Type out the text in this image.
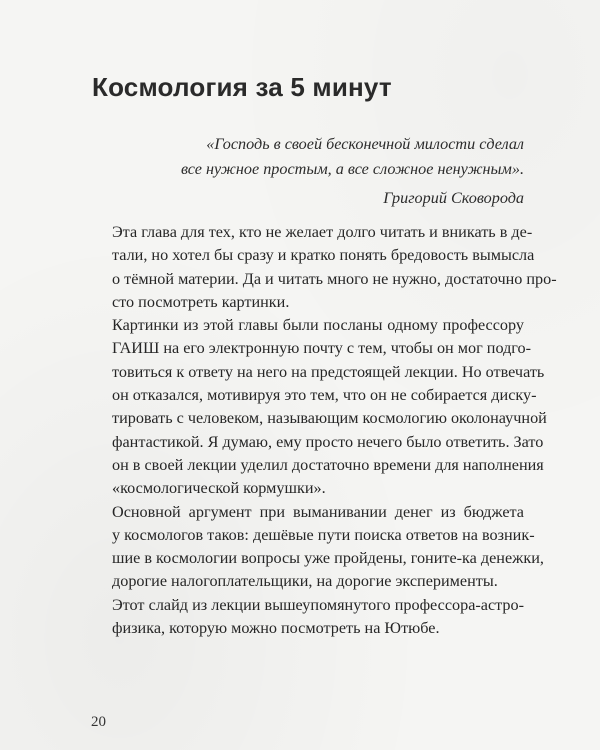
Космология за 5 минут
«Господь в своей бесконечной милости сделал
все нужное простым, а все сложное ненужным».
Григорий Сковорода

Эта глава для тех, кто не желает долго читать и вникать в де-
тали, но хотел бы сразу и кратко понять бредовость вымысла
о тёмной материи. Да и читать много не нужно, достаточно про-
сто посмотреть картинки.

Картинки из этой главы были посланы одному профессору
ГАИШ на его электронную почту с тем, чтобы он мог подго-
товиться к ответу на него на предстоящей лекции. Но отвечать
он отказался, мотивируя это тем, что он не собирается диску-
тировать с человеком, называющим космологию околонаучной
фантастикой. Я думаю, ему просто нечего было ответить. Зато
он в своей лекции уделил достаточно времени для наполнения
«космологической кормушки».

Основной аргумент при выманивании денег из бюджета
у космологов таков: дешёвые пути поиска ответов на возник-
шие в космологии вопросы уже пройдены, гоните-ка денежки,
дорогие налогоплательщики, на дорогие эксперименты.

Этот слайд из лекции вышеупомянутого профессора-астро-
физика, которую можно посмотреть на Ютюбе.

20
